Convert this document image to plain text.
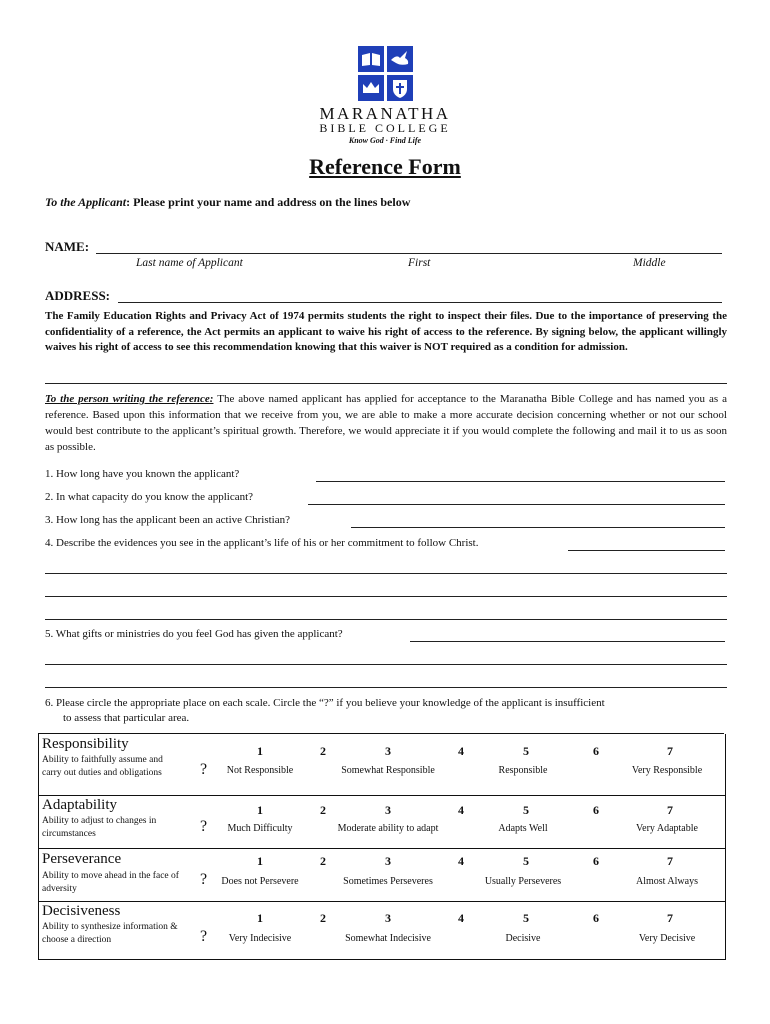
MARANATHA
BIBLE COLLEGE
Know God · Find Life
Reference Form
To the Applicant: Please print your name and address on the lines below
NAME:
Last name of Applicant	First	Middle
ADDRESS:
The Family Education Rights and Privacy Act of 1974 permits students the right to inspect their files. Due to the importance of preserving the confidentiality of a reference, the Act permits an applicant to waive his right of access to the reference. By signing below, the applicant willingly waives his right of access to see this recommendation knowing that this waiver is NOT required as a condition for admission.
To the person writing the reference: The above named applicant has applied for acceptance to the Maranatha Bible College and has named you as a reference. Based upon this information that we receive from you, we are able to make a more accurate decision concerning whether or not our school would best contribute to the applicant’s spiritual growth. Therefore, we would appreciate it if you would complete the following and mail it to us as soon as possible.
1. How long have you known the applicant?
2. In what capacity do you know the applicant?
3. How long has the applicant been an active Christian?
4. Describe the evidences you see in the applicant’s life of his or her commitment to follow Christ.
5. What gifts or ministries do you feel God has given the applicant?
6. Please circle the appropriate place on each scale. Circle the “?” if you believe your knowledge of the applicant is insufficient
to assess that particular area.
Responsibility
Ability to faithfully assume and carry out duties and obligations	?
1	2	3	4	5	6	7
Not Responsible	Somewhat Responsible	Responsible	Very Responsible
Adaptability
Ability to adjust to changes in circumstances	?
1	2	3	4	5	6	7
Much Difficulty	Moderate ability to adapt	Adapts Well	Very Adaptable
Perseverance
Ability to move ahead in the face of adversity
?
1	2	3	4	5	6	7
Does not Persevere	Sometimes Perseveres	Usually Perseveres	Almost Always
Decisiveness
Ability to synthesize information & choose a direction	?
1	2	3	4	5	6	7
Very Indecisive	Somewhat Indecisive	Decisive	Very Decisive
